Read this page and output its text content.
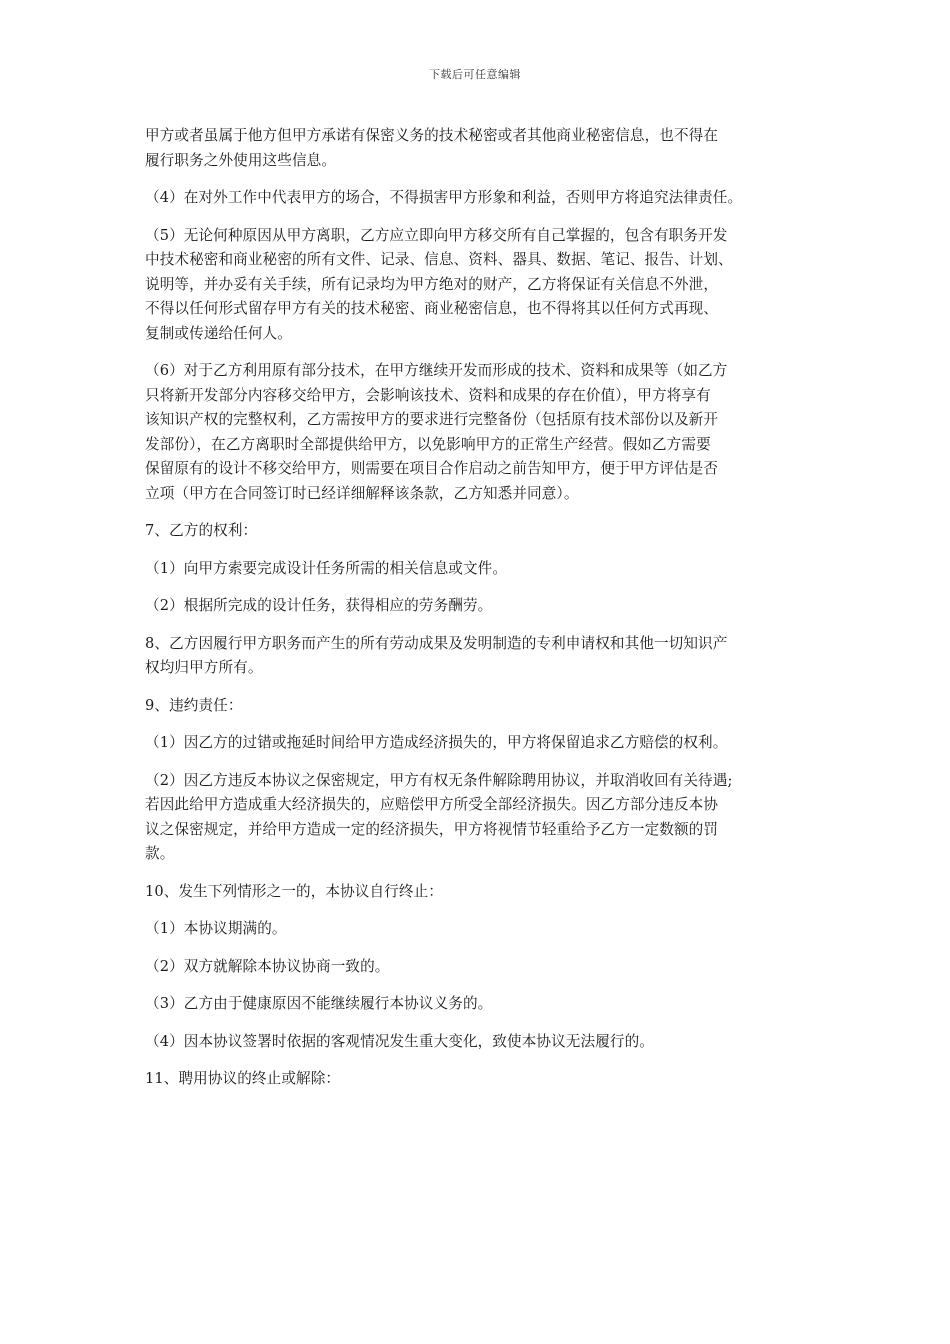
下载后可任意编辑
甲方或者虽属于他方但甲方承诺有保密义务的技术秘密或者其他商业秘密信息，也不得在
履行职务之外使用这些信息。
（4）在对外工作中代表甲方的场合，不得损害甲方形象和利益，否则甲方将追究法律责任。
（5）无论何种原因从甲方离职，乙方应立即向甲方移交所有自己掌握的，包含有职务开发
中技术秘密和商业秘密的所有文件、记录、信息、资料、器具、数据、笔记、报告、计划、
说明等，并办妥有关手续，所有记录均为甲方绝对的财产，乙方将保证有关信息不外泄，
不得以任何形式留存甲方有关的技术秘密、商业秘密信息，也不得将其以任何方式再现、
复制或传递给任何人。
（6）对于乙方利用原有部分技术，在甲方继续开发而形成的技术、资料和成果等（如乙方
只将新开发部分内容移交给甲方，会影响该技术、资料和成果的存在价值），甲方将享有
该知识产权的完整权利，乙方需按甲方的要求进行完整备份（包括原有技术部份以及新开
发部份），在乙方离职时全部提供给甲方，以免影响甲方的正常生产经营。假如乙方需要
保留原有的设计不移交给甲方，则需要在项目合作启动之前告知甲方，便于甲方评估是否
立项（甲方在合同签订时已经详细解释该条款，乙方知悉并同意）。
7、乙方的权利：
（1）向甲方索要完成设计任务所需的相关信息或文件。
（2）根据所完成的设计任务，获得相应的劳务酬劳。
8、乙方因履行甲方职务而产生的所有劳动成果及发明制造的专利申请权和其他一切知识产
权均归甲方所有。
9、违约责任：
（1）因乙方的过错或拖延时间给甲方造成经济损失的，甲方将保留追求乙方赔偿的权利。
（2）因乙方违反本协议之保密规定，甲方有权无条件解除聘用协议，并取消收回有关待遇;
若因此给甲方造成重大经济损失的，应赔偿甲方所受全部经济损失。因乙方部分违反本协
议之保密规定，并给甲方造成一定的经济损失，甲方将视情节轻重给予乙方一定数额的罚
款。
10、发生下列情形之一的，本协议自行终止：
（1）本协议期满的。
（2）双方就解除本协议协商一致的。
（3）乙方由于健康原因不能继续履行本协议义务的。
（4）因本协议签署时依据的客观情况发生重大变化，致使本协议无法履行的。
11、聘用协议的终止或解除：
